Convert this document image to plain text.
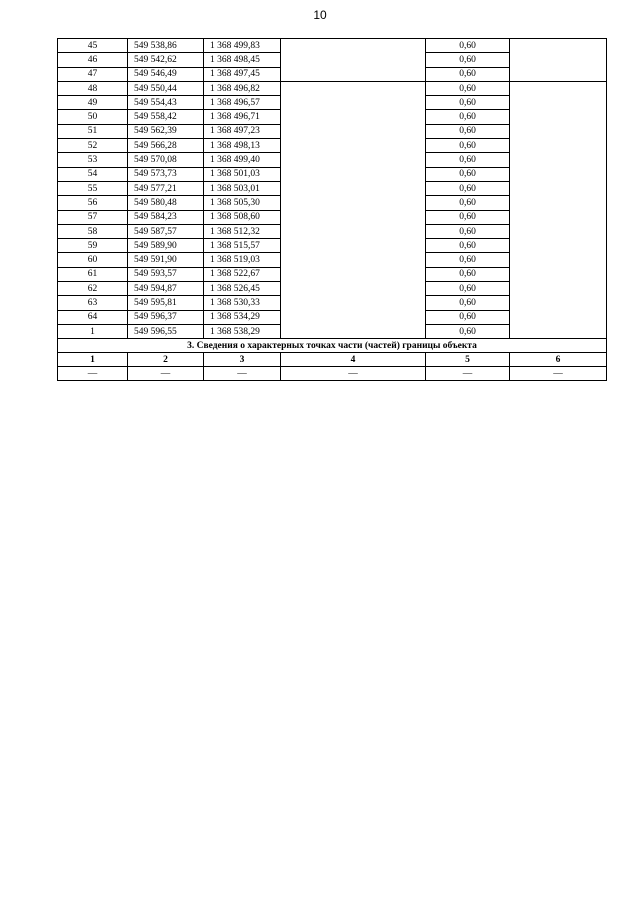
10
45	549 538,86	1 368 499,83		0,60	
46	549 542,62	1 368 498,45		0,60	
47	549 546,49	1 368 497,45		0,60	
48	549 550,44	1 368 496,82		0,60	
49	549 554,43	1 368 496,57		0,60	
50	549 558,42	1 368 496,71		0,60	
51	549 562,39	1 368 497,23		0,60	
52	549 566,28	1 368 498,13		0,60	
53	549 570,08	1 368 499,40		0,60	
54	549 573,73	1 368 501,03		0,60	
55	549 577,21	1 368 503,01		0,60	
56	549 580,48	1 368 505,30		0,60	
57	549 584,23	1 368 508,60		0,60	
58	549 587,57	1 368 512,32		0,60	
59	549 589,90	1 368 515,57		0,60	
60	549 591,90	1 368 519,03		0,60	
61	549 593,57	1 368 522,67		0,60	
62	549 594,87	1 368 526,45		0,60	
63	549 595,81	1 368 530,33		0,60	
64	549 596,37	1 368 534,29		0,60	
1	549 596,55	1 368 538,29		0,60	
3. Сведения о характерных точках части (частей) границы объекта					
1	2	3	4	5	6
—	—	—	—	—	—
